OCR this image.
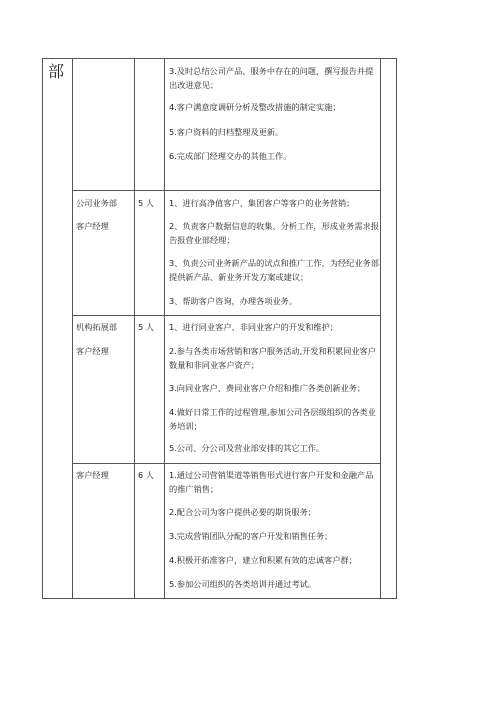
部	3.及时总结公司产品、服务中存在的问题，撰写报告并提出改进意见；
4.客户满意度调研分析及整改措施的制定实施；
5.客户资料的归档整理及更新。
6.完成部门经理交办的其他工作。
公司业务部
客户经理
5 人 1、进行高净值客户、集团客户等客户的业务营销；
2、负责客户数据信息的收集、分析工作，形成业务需求报告报营业部经理；
3、负责公司业务新产品的试点和推广工作，为经纪业务部提供新产品、新业务开发方案或建议；
3、帮助客户咨询，办理各项业务。
机构拓展部
客户经理
5 人 1、进行同业客户、非同业客户的开发和维护；
2.参与各类市场营销和客户服务活动,开发和积累同业客户数量和非同业客户资产；
3.向同业客户、费同业客户介绍和推广各类创新业务；
4.做好日常工作的过程管理,参加公司各层级组织的各类业务培训；
5.公司、分公司及营业部安排的其它工作。
客户经理	6 人 1.通过公司营销渠道等销售形式进行客户开发和金融产品的推广销售；
2.配合公司为客户提供必要的期货服务；
3.完成营销团队分配的客户开发和销售任务；
4.积极开拓准客户，建立和积累有效的忠诚客户群；
5.参加公司组织的各类培训并通过考试。
